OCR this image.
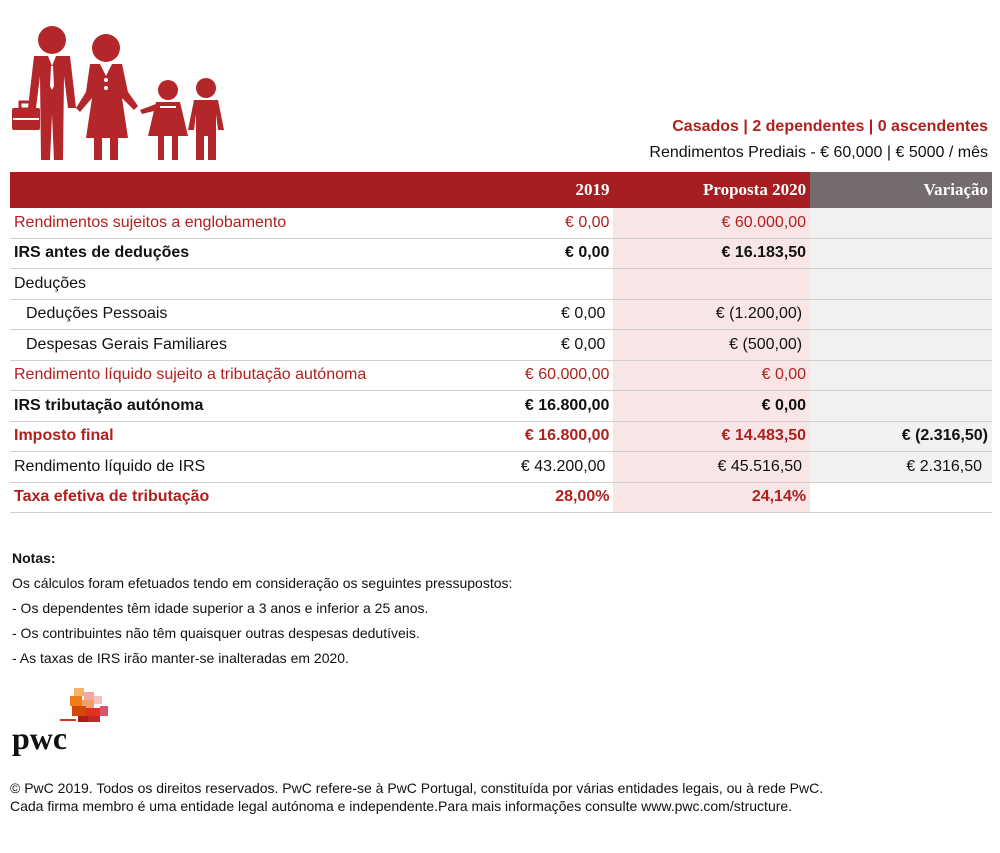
Casados | 2 dependentes | 0 ascendentes
Rendimentos Prediais - € 60,000 | € 5000 / mês
	2019	Proposta 2020	Variação
Rendimentos sujeitos a englobamento	€ 0,00	€ 60.000,00	
IRS antes de deduções	€ 0,00	€ 16.183,50	
Deduções			
Deduções Pessoais	€ 0,00	€ (1.200,00)	
Despesas Gerais Familiares	€ 0,00	€ (500,00)	
Rendimento líquido sujeito a tributação autónoma	€ 60.000,00	€ 0,00	
IRS tributação autónoma	€ 16.800,00	€ 0,00	
Imposto final	€ 16.800,00	€ 14.483,50	€ (2.316,50)
Rendimento líquido de IRS	€ 43.200,00	€ 45.516,50	€ 2.316,50
Taxa efetiva de tributação	28,00%	24,14%	
Notas:
Os cálculos foram efetuados tendo em consideração os seguintes pressupostos:
- Os dependentes têm idade superior a 3 anos e inferior a 25 anos.
- Os contribuintes não têm quaisquer outras despesas dedutíveis.
- As taxas de IRS irão manter-se inalteradas em 2020.
pwc
© PwC 2019. Todos os direitos reservados. PwC refere-se à PwC Portugal, constituída por várias entidades legais, ou à rede PwC.
Cada firma membro é uma entidade legal autónoma e independente.Para mais informações consulte www.pwc.com/structure.
